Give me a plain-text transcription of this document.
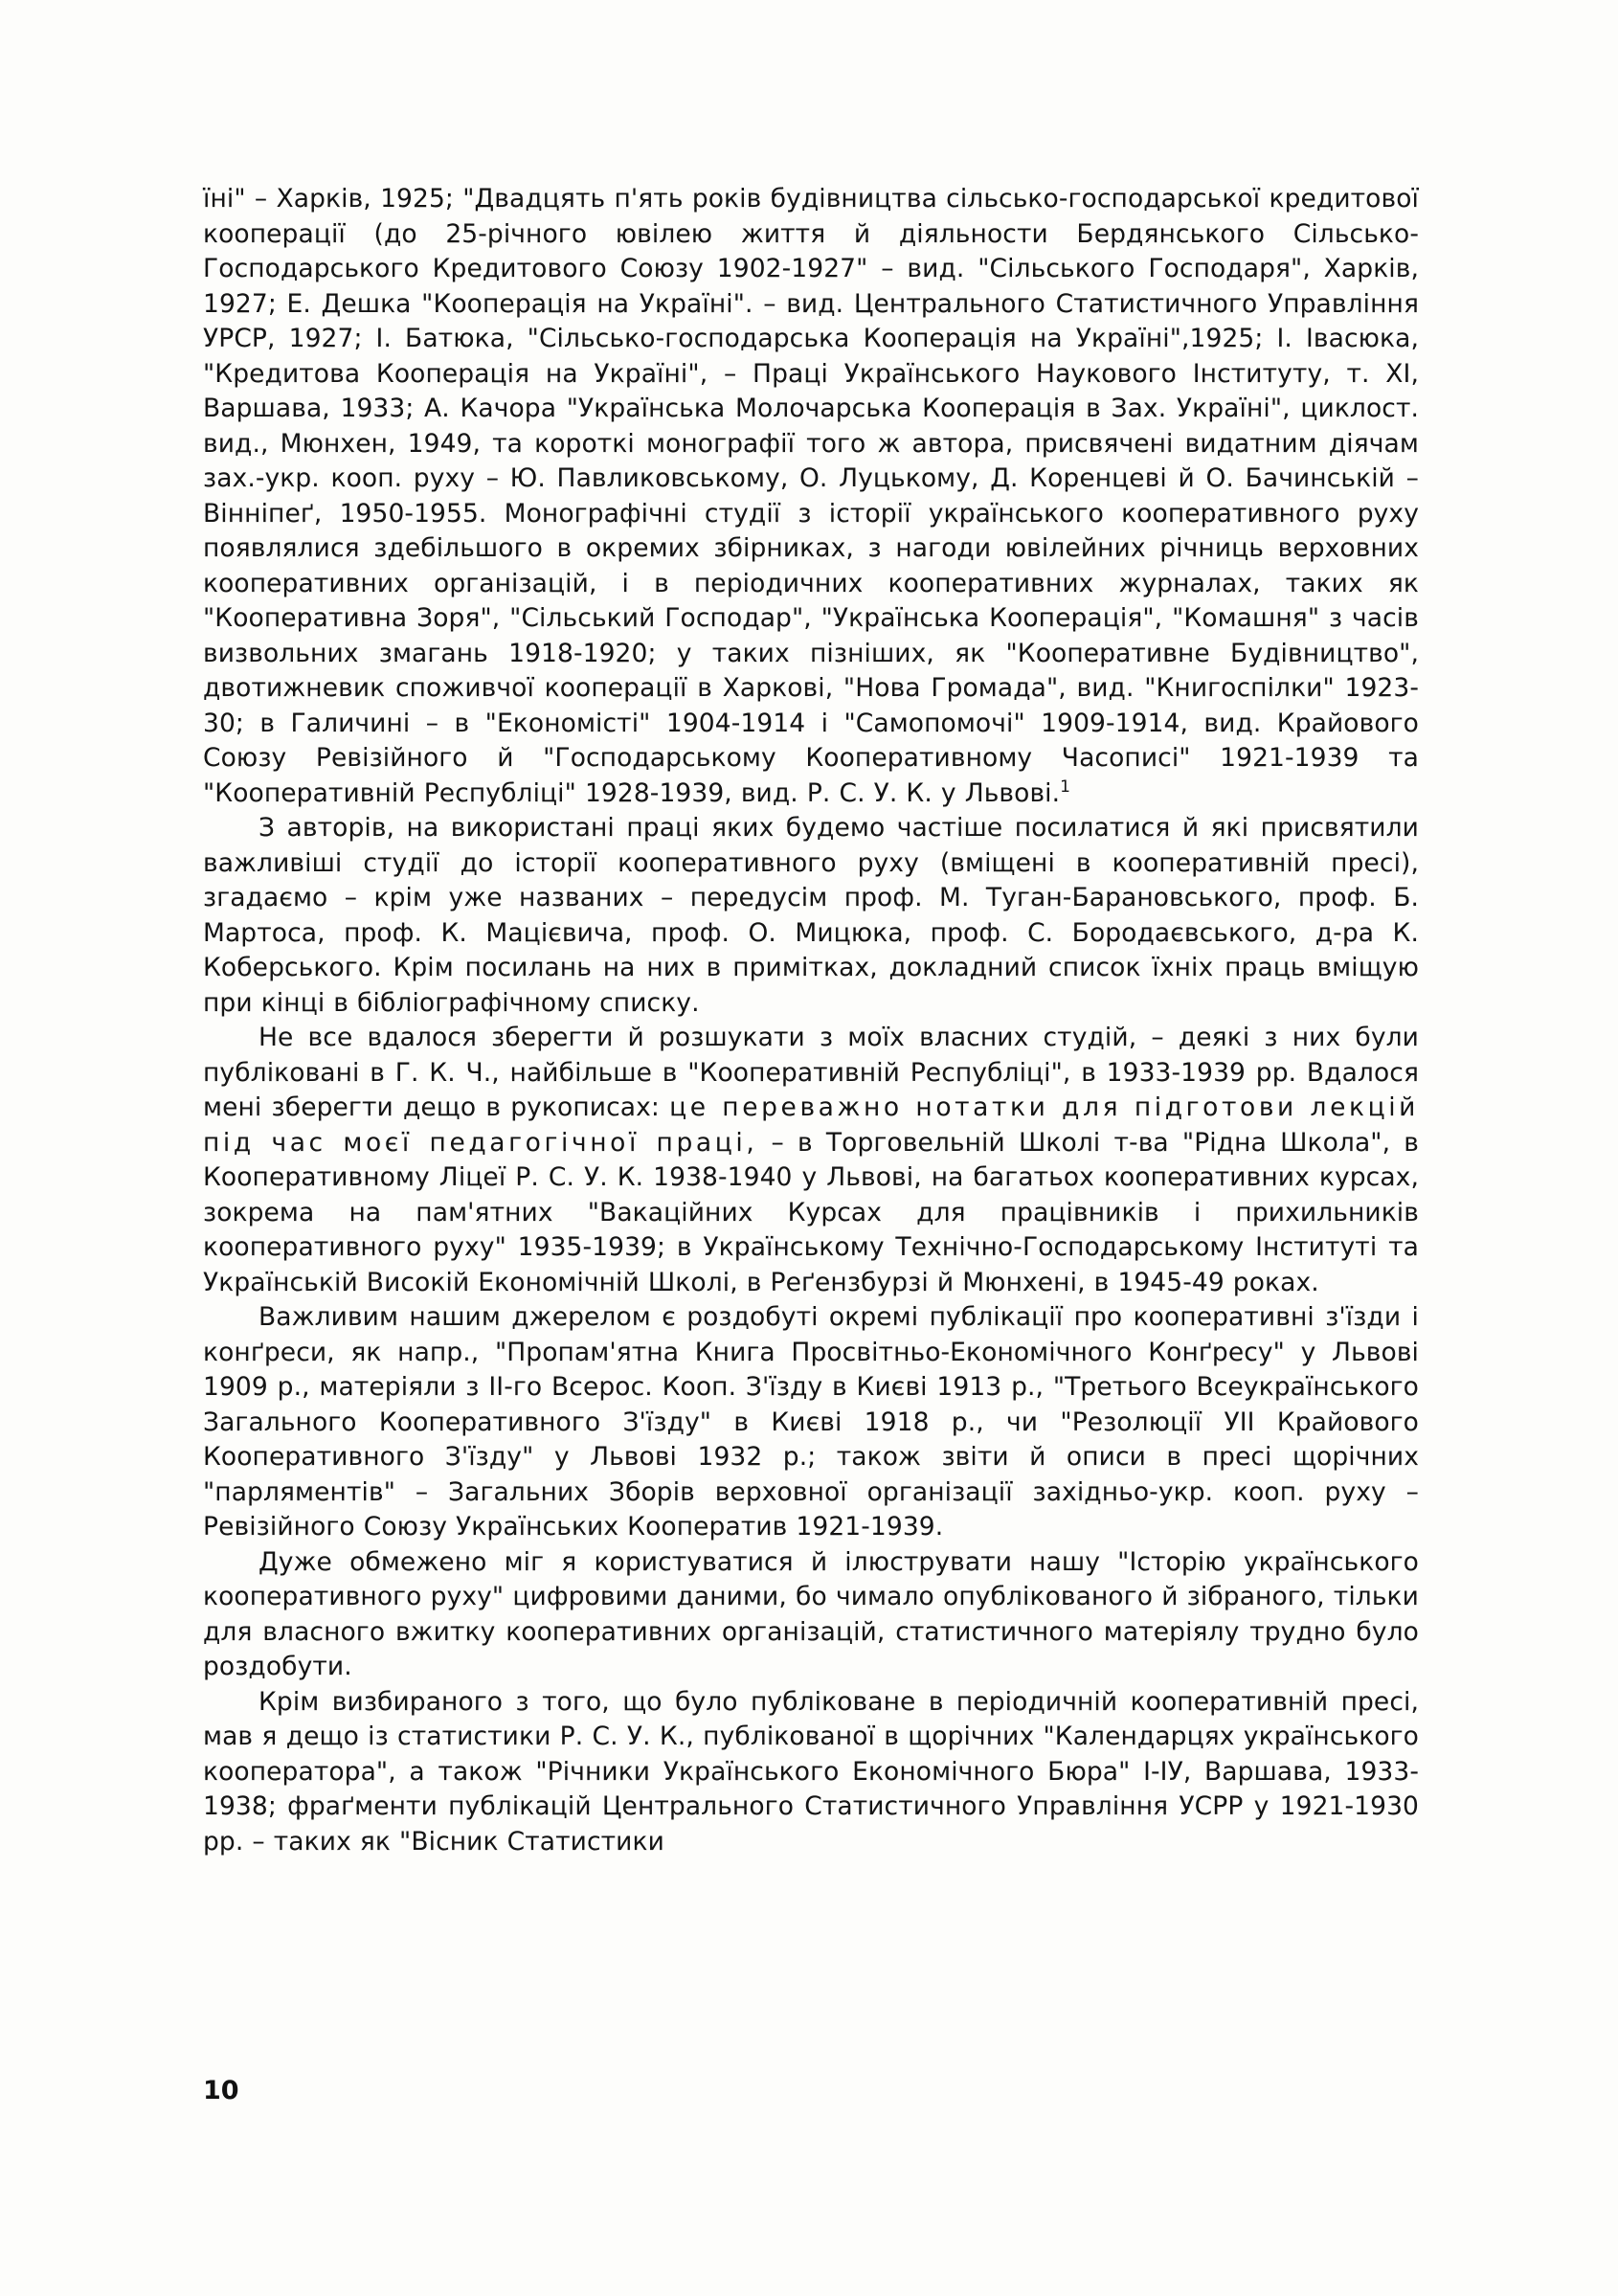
їні" – Харків, 1925; "Двадцять п'ять років будівництва сільсько-господарської кредитової кооперації (до 25-річного ювілею життя й діяльности Бердянського Сільсько-Господарського Кредитового Союзу 1902-1927" – вид. "Сільського Господаря", Харків, 1927; Е. Дешка "Кооперація на Україні". – вид. Центрального Статистичного Управління УРСР, 1927; І. Батюка, "Сільсько-господарська Кооперація на Україні",1925; І. Івасюка, "Кредитова Кооперація на Україні", – Праці Українського Наукового Інституту, т. XI, Варшава, 1933; А. Качора "Українська Молочарська Кооперація в Зах. Україні", циклост. вид., Мюнхен, 1949, та короткі монографії того ж автора, присвячені видатним діячам зах.-укр. кооп. руху – Ю. Павликовському, О. Луцькому, Д. Коренцеві й О. Бачинській – Вінніпеґ, 1950-1955. Монографічні студії з історії українського кооперативного руху появлялися здебільшого в окремих збірниках, з нагоди ювілейних річниць верховних кооперативних організацій, і в періодичних кооперативних журналах, таких як "Кооперативна Зоря", "Сільський Господар", "Українська Кооперація", "Комашня" з часів визвольних змагань 1918-1920; у таких пізніших, як "Кооперативне Будівництво", двотижневик споживчої кооперації в Харкові, "Нова Громада", вид. "Книгоспілки" 1923-30; в Галичині – в "Економісті" 1904-1914 і "Самопомочі" 1909-1914, вид. Крайового Союзу Ревізійного й "Господарському Кооперативному Часописі" 1921-1939 та "Кооперативній Республіці" 1928-1939, вид. Р. С. У. К. у Львові.$^1$

З авторів, на використані праці яких будемо частіше посилатися й які присвятили важливіші студії до історії кооперативного руху (вміщені в кооперативній пресі), згадаємо – крім уже названих – передусім проф. М. Туган-Барановського, проф. Б. Мартоса, проф. К. Мацієвича, проф. О. Мицюка, проф. С. Бородаєвського, д-ра К. Коберського. Крім посилань на них в примітках, докладний список їхніх праць вміщую при кінці в бібліографічному списку.

Не все вдалося зберегти й розшукати з моїх власних студій, – деякі з них були публіковані в Г. К. Ч., найбільше в "Кооперативній Республіці", в 1933-1939 рр. Вдалося мені зберегти дещо в рукописах: це переважно нотатки для підготови лекцій під час моєї педагогічної праці, – в Торговельній Школі т-ва "Рідна Школа", в Кооперативному Ліцеї Р. С. У. К. 1938-1940 у Львові, на багатьох кооперативних курсах, зокрема на пам'ятних "Вакаційних Курсах для працівників і прихильників кооперативного руху" 1935-1939; в Українському Технічно-Господарському Інституті та Українській Високій Економічній Школі, в Реґензбурзі й Мюнхені, в 1945-49 роках.

Важливим нашим джерелом є роздобуті окремі публікації про кооперативні з'їзди і конґреси, як напр., "Пропам'ятна Книга Просвітньо-Економічного Конґресу" у Львові 1909 р., матеріяли з ІІ-го Всерос. Кооп. З'їзду в Києві 1913 р., "Третього Всеукраїнського Загального Кооперативного З'їзду" в Києві 1918 р., чи "Резолюції УІІ Крайового Кооперативного З'їзду" у Львові 1932 р.; також звіти й описи в пресі щорічних "парляментів" – Загальних Зборів верховної організації західньо-укр. кооп. руху – Ревізійного Союзу Українських Кооператив 1921-1939.

Дуже обмежено міг я користуватися й ілюструвати нашу "Історію українського кооперативного руху" цифровими даними, бо чимало опублікованого й зібраного, тільки для власного вжитку кооперативних організацій, статистичного матеріялу трудно було роздобути.

Крім визбираного з того, що було публіковане в періодичній кооперативній пресі, мав я дещо із статистики Р. С. У. К., публікованої в щорічних "Календарцях українського кооператора", а також "Річники Українського Економічного Бюра" І-ІУ, Варшава, 1933-1938; фраґменти публікацій Центрального Статистичного Управління УСРР у 1921-1930 рр. – таких як "Вісник Статистики

10
